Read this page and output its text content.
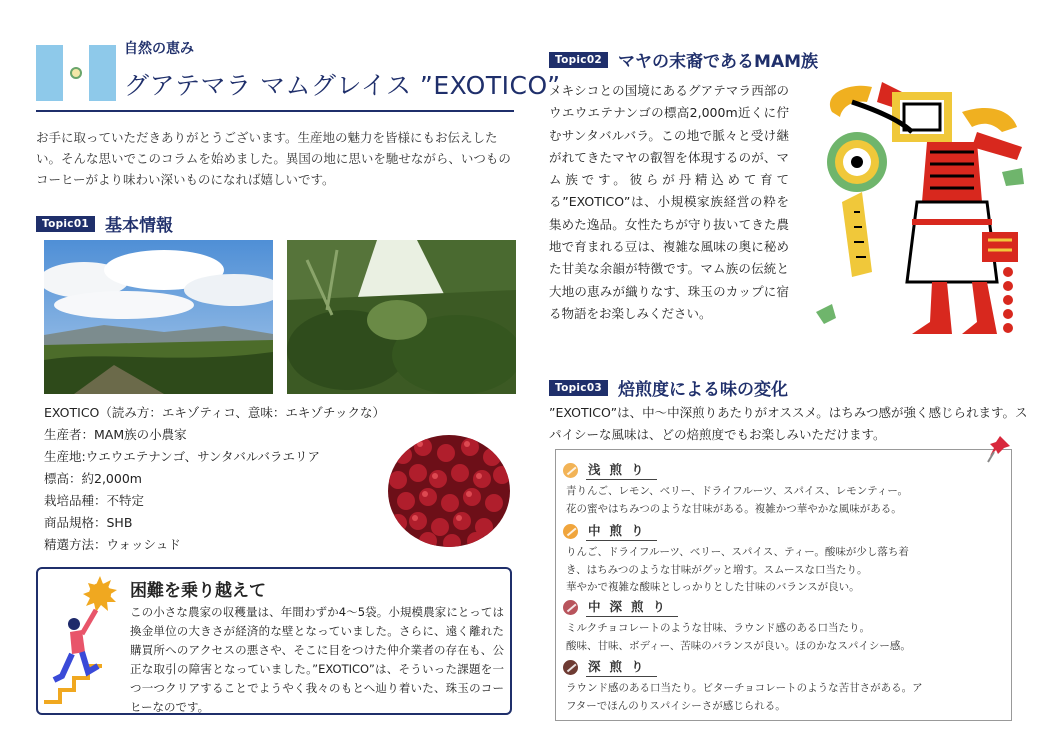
自然の恵み
グアテマラ マムグレイス ”EXOTICO”
お手に取っていただきありがとうございます。生産地の魅力を皆様にもお伝えしたい。そんな思いでこのコラムを始めました。異国の地に思いを馳せながら、いつものコーヒーがより味わい深いものになれば嬉しいです。
Topic01 基本情報
EXOTICO（読み方：エキゾティコ、意味：エキゾチックな）
生産者：MAM族の小農家
生産地:ウエウエテナンゴ、サンタバルバラエリア
標高：約2,000m
栽培品種：不特定
商品規格：SHB
精選方法：ウォッシュド
困難を乗り越えて
この小さな農家の収穫量は、年間わずか4〜5袋。小規模農家にとっては換金単位の大きさが経済的な壁となっていました。さらに、遠く離れた購買所へのアクセスの悪さや、そこに目をつけた仲介業者の存在も、公正な取引の障害となっていました。”EXOTICO”は、そういった課題を一つ一つクリアすることでようやく我々のもとへ辿り着いた、珠玉のコーヒーなのです。
Topic02 マヤの末裔であるMAM族
メキシコとの国境にあるグアテマラ西部のウエウエテナンゴの標高2,000m近くに佇むサンタバルバラ。この地で脈々と受け継がれてきたマヤの叡智を体現するのが、マム族です。彼らが丹精込めて育てる”EXOTICO”は、小規模家族経営の粋を集めた逸品。女性たちが守り抜いてきた農地で育まれる豆は、複雑な風味の奥に秘めた甘美な余韻が特徴です。マム族の伝統と大地の恵みが織りなす、珠玉のカップに宿る物語をお楽しみください。
Topic03 焙煎度による味の変化
”EXOTICO”は、中〜中深煎りあたりがオススメ。はちみつ感が強く感じられます。スパイシーな風味は、どの焙煎度でもお楽しみいただけます。
浅煎り
青りんご、レモン、ベリー、ドライフルーツ、スパイス、レモンティー。
花の蜜やはちみつのような甘味がある。複雑かつ華やかな風味がある。
中煎り
りんご、ドライフルーツ、ベリー、スパイス、ティー。酸味が少し落ち着
き、はちみつのような甘味がグッと増す。スムースな口当たり。
華やかで複雑な酸味としっかりとした甘味のバランスが良い。
中深煎り
ミルクチョコレートのような甘味、ラウンド感のある口当たり。
酸味、甘味、ボディー、苦味のバランスが良い。ほのかなスパイシー感。
深煎り
ラウンド感のある口当たり。ビターチョコレートのような苦甘さがある。ア
フターでほんのりスパイシーさが感じられる。
